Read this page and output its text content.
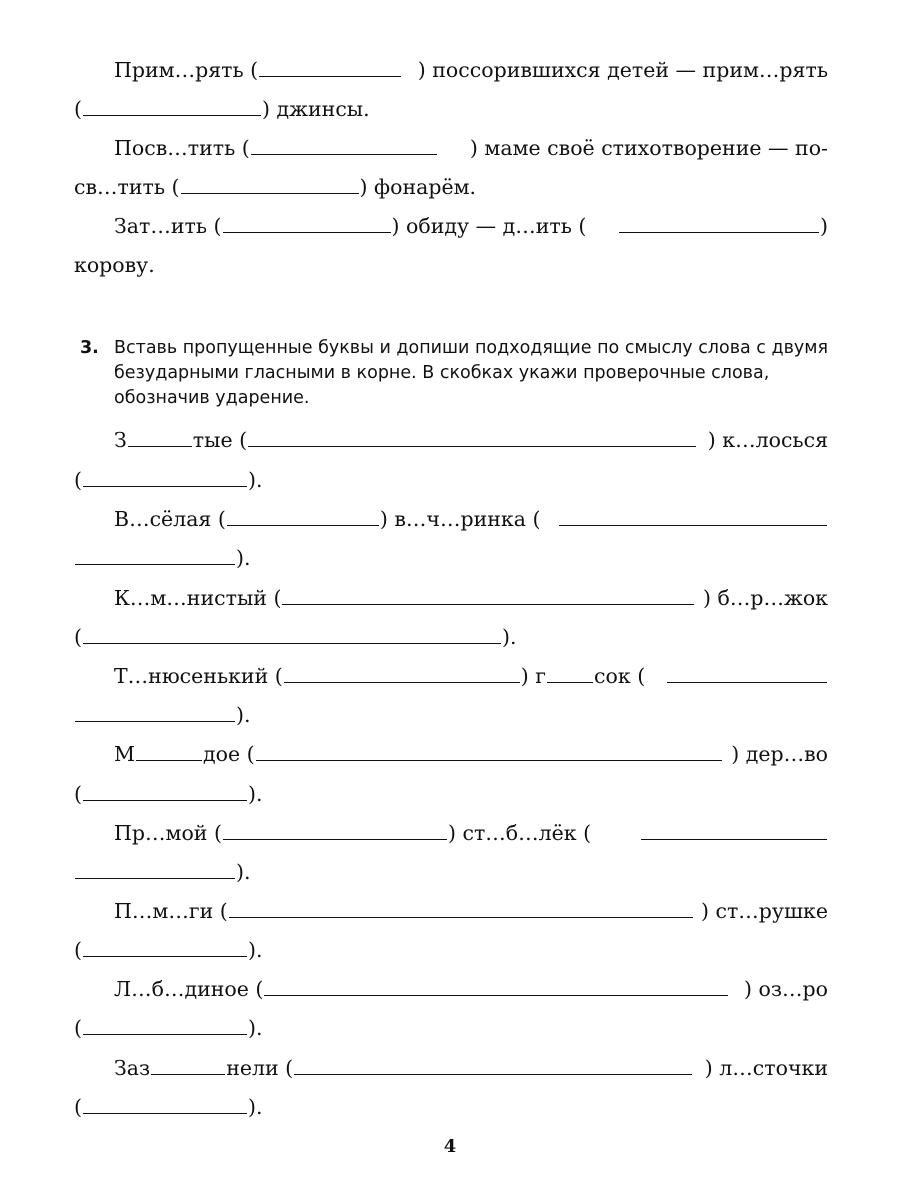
Прим…рять (	) поссорившихся детей — прим…рять
(	) джинсы.
Посв…тить (	) маме своё стихотворение — по-
св…тить (	) фонарём.
Зат…ить (	) обиду — д…ить (	)
корову.
3. Вставь пропущенные буквы и допиши подходящие по смыслу слова с двумя безударными гласными в корне. В скобках укажи проверочные слова, обозначив ударение.
З	тые (	) к…лосься
(	).
В…сёлая (	) в…ч…ринка (
).
К…м…нистый (	) б…р…жок
(	).
Т…нюсенький (	) г сок (
).
М	дое (	) дер…во
(	).
Пр…мой (	) ст…б…лёк (
).
П…м…ги (	) ст…рушке
(	).
Л…б…диное (	) оз…ро
(	).
Заз	нели (	) л…сточки
(	).
4
